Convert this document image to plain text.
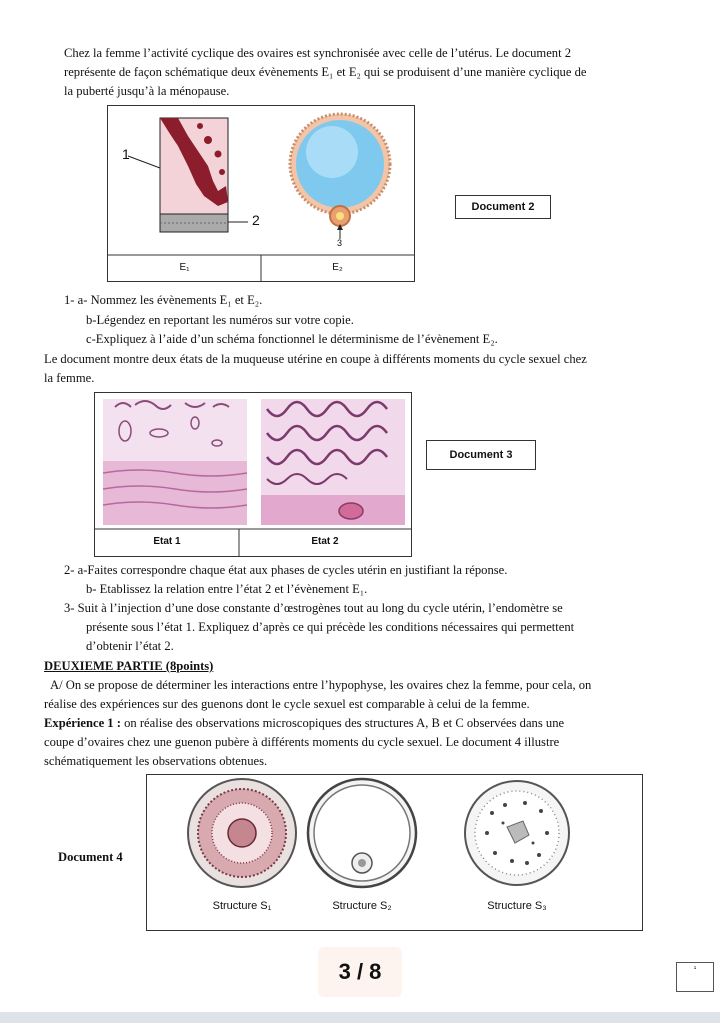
Chez la femme l’activité cyclique des ovaires est synchronisée avec celle de l’utérus. Le document 2
représente de façon schématique deux évènements E₁ et E₂ qui se produisent d’une manière cyclique de
la puberté jusqu’à la ménopause.
1
2
3
E₁	E₂
Document 2
1- a- Nommez les évènements E₁ et E₂.
b-Légendez en reportant les numéros sur votre copie.
c-Expliquez à l’aide d’un schéma fonctionnel le déterminisme de l’évènement E₂.
Le document montre deux états de la muqueuse utérine en coupe à différents moments du cycle sexuel chez
la femme.
Etat 1	Etat 2
Document 3
2- a-Faites correspondre chaque état aux phases de cycles utérin en justifiant la réponse.
b- Etablissez la relation entre l’état 2 et l’évènement E₁.
3- Suit à l’injection d’une dose constante d’œstrogènes tout au long du cycle utérin, l’endomètre se
présente sous l’état 1. Expliquez d’après ce qui précède les conditions nécessaires qui permettent
d’obtenir l’état 2.
DEUXIEME PARTIE (8points)
A/ On se propose de déterminer les interactions entre l’hypophyse, les ovaires chez la femme, pour cela, on
réalise des expériences sur des guenons dont le cycle sexuel est comparable à celui de la femme.
Expérience 1 : on réalise des observations microscopiques des structures A, B et C observées dans une
coupe d’ovaires chez une guenon pubère à différents moments du cycle sexuel. Le document 4 illustre
schématiquement les observations obtenues.
Document 4
Structure S₁	Structure S₂	Structure S₃
3 / 8	¹
